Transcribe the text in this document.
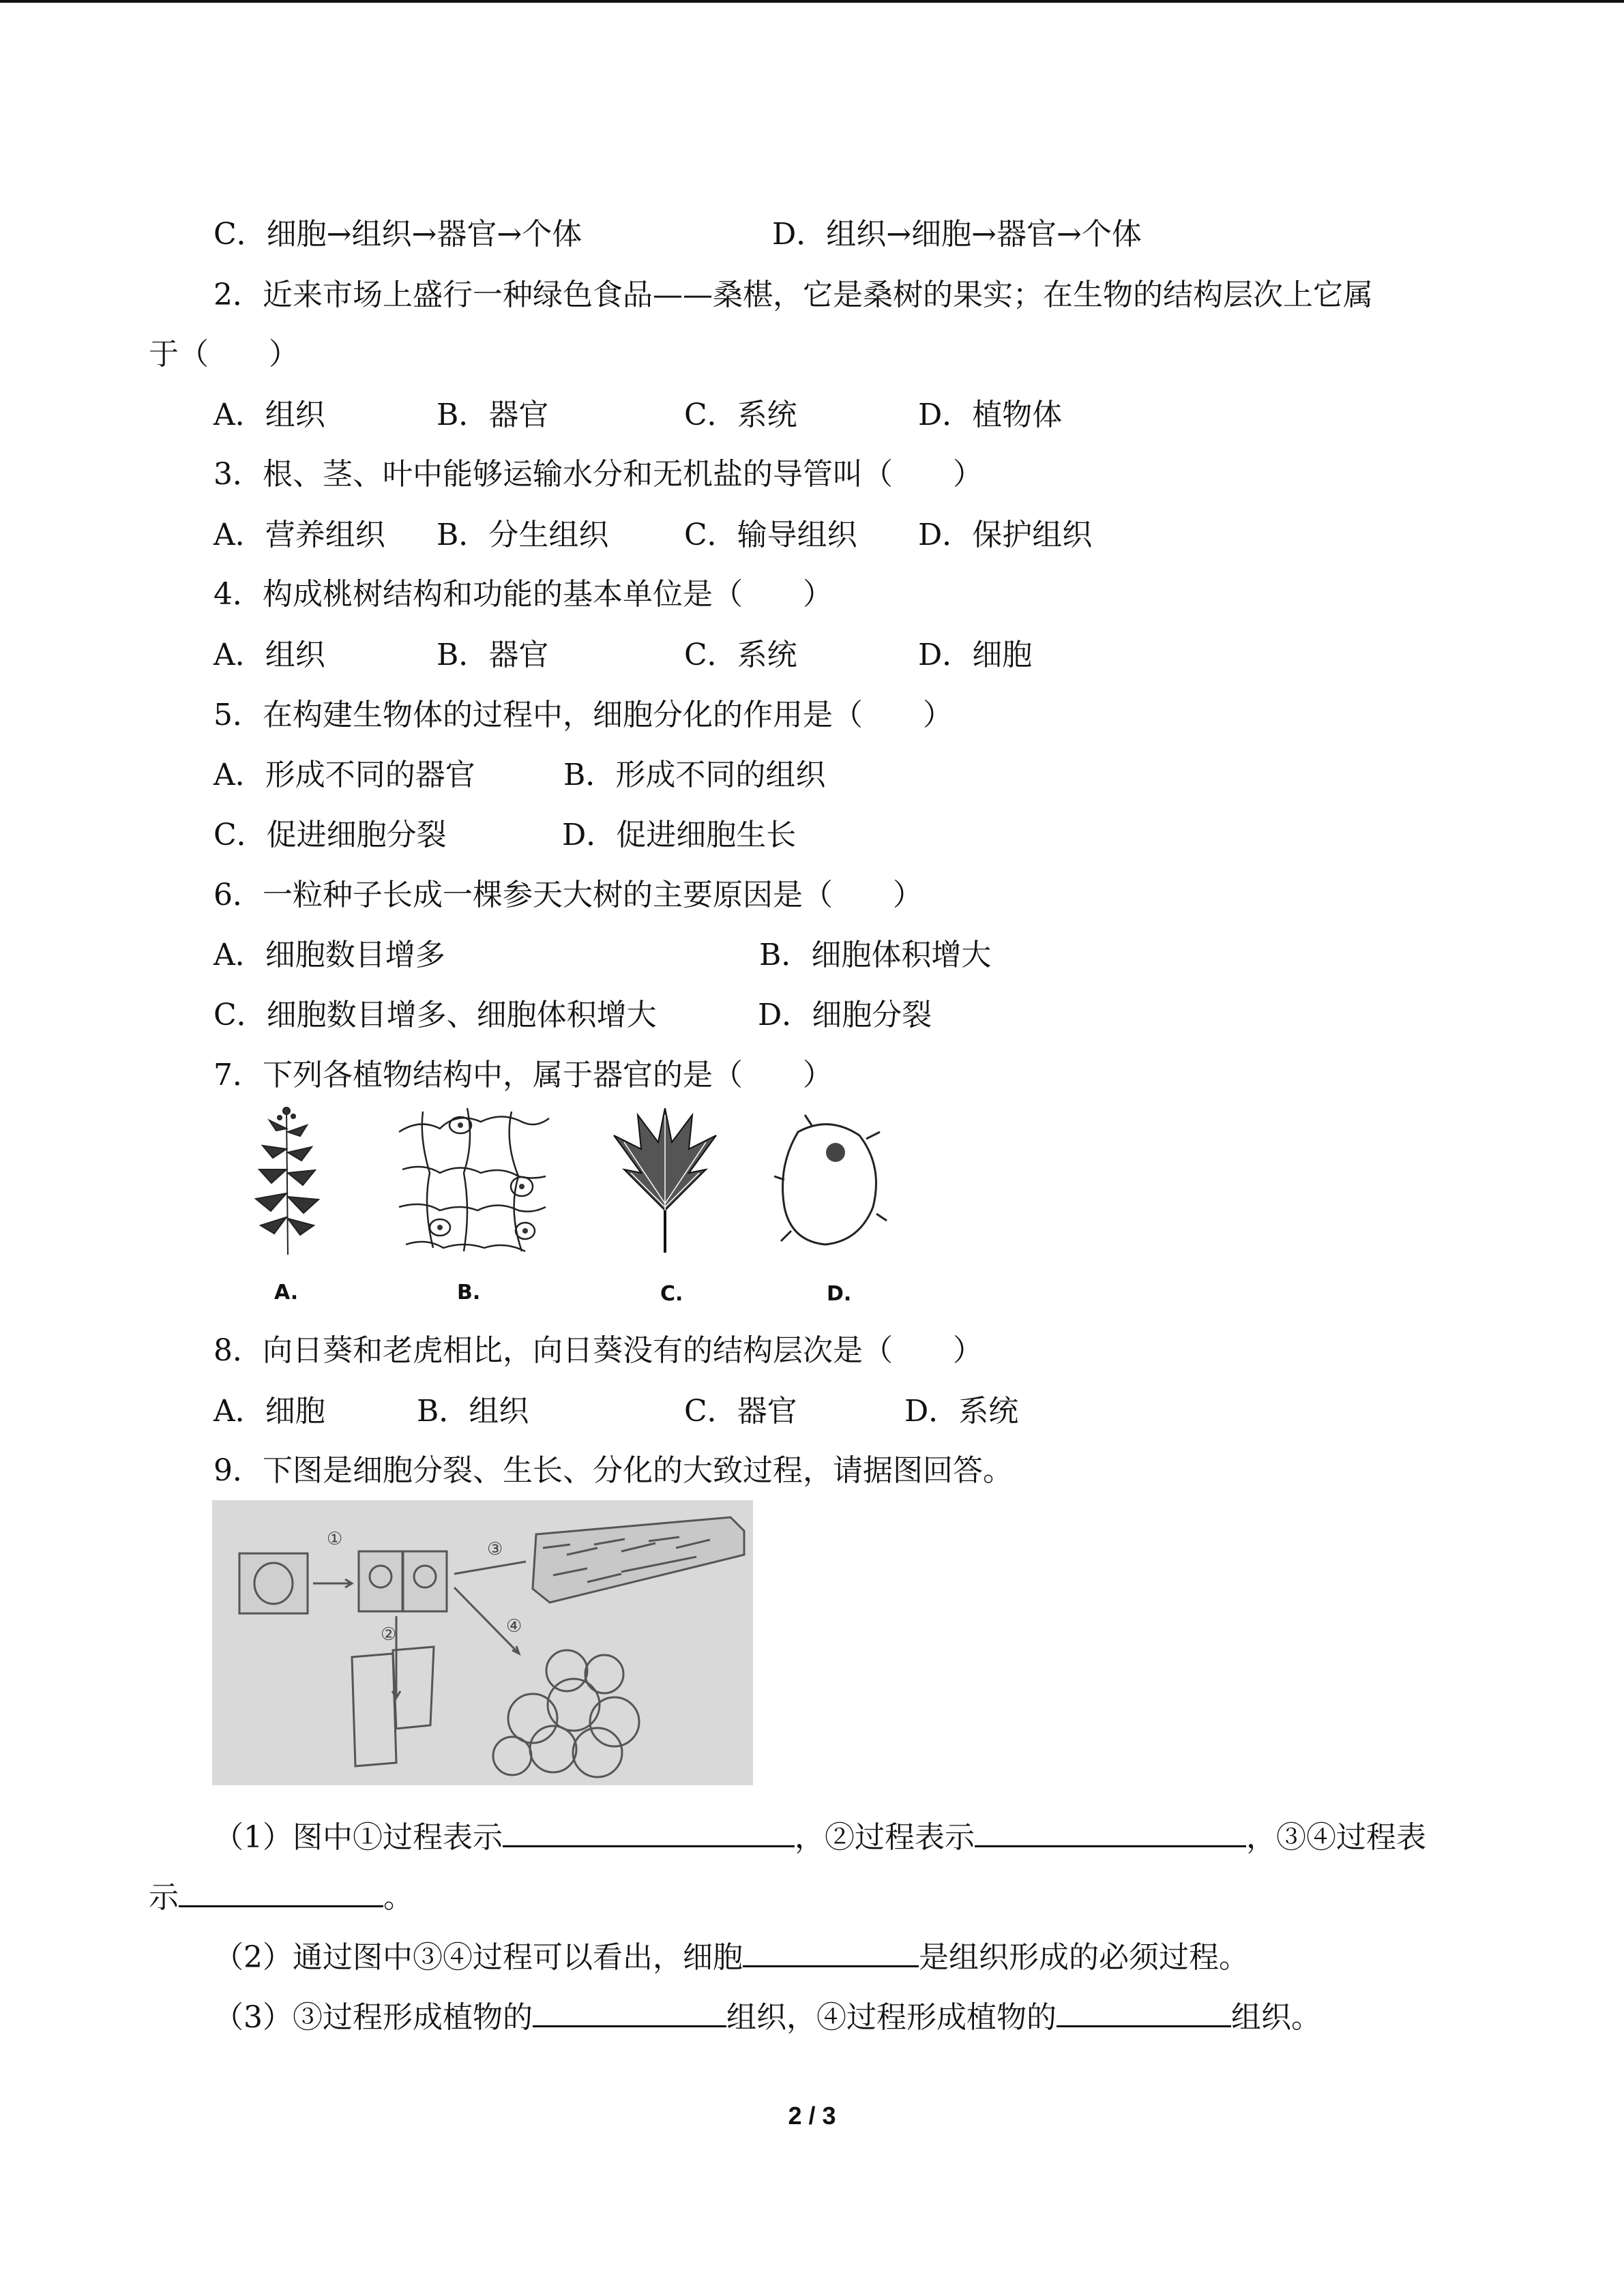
C．细胞→组织→器官→个体	D．组织→细胞→器官→个体
2．近来市场上盛行一种绿色食品——桑椹，它是桑树的果实；在生物的结构层次上它属
于（　　）
A．组织	B．器官	C．系统	D．植物体
3．根、茎、叶中能够运输水分和无机盐的导管叫（　　）
A．营养组织 B．分生组织	C．输导组织 D．保护组织
4．构成桃树结构和功能的基本单位是（　　）
A．组织	B．器官	C．系统	D．细胞
5．在构建生物体的过程中，细胞分化的作用是（　　）
A．形成不同的器官	B．形成不同的组织
C．促进细胞分裂	D．促进细胞生长
6．一粒种子长成一棵参天大树的主要原因是（　　）
A．细胞数目增多	B．细胞体积增大
C．细胞数目增多、细胞体积增大	D．细胞分裂
7．下列各植物结构中，属于器官的是（　　）
A.	B.	C.	D.
8．向日葵和老虎相比，向日葵没有的结构层次是（　　）
A．细胞	B．组织	C．器官	D．系统
9．下图是细胞分裂、生长、分化的大致过程，请据图回答。
①
②
③
④
（1）图中①过程表示	，②过程表示	，③④过程表
示	。
（2）通过图中③④过程可以看出，细胞	是组织形成的必须过程。
（3）③过程形成植物的	组织，④过程形成植物的	组织。
2 / 3
